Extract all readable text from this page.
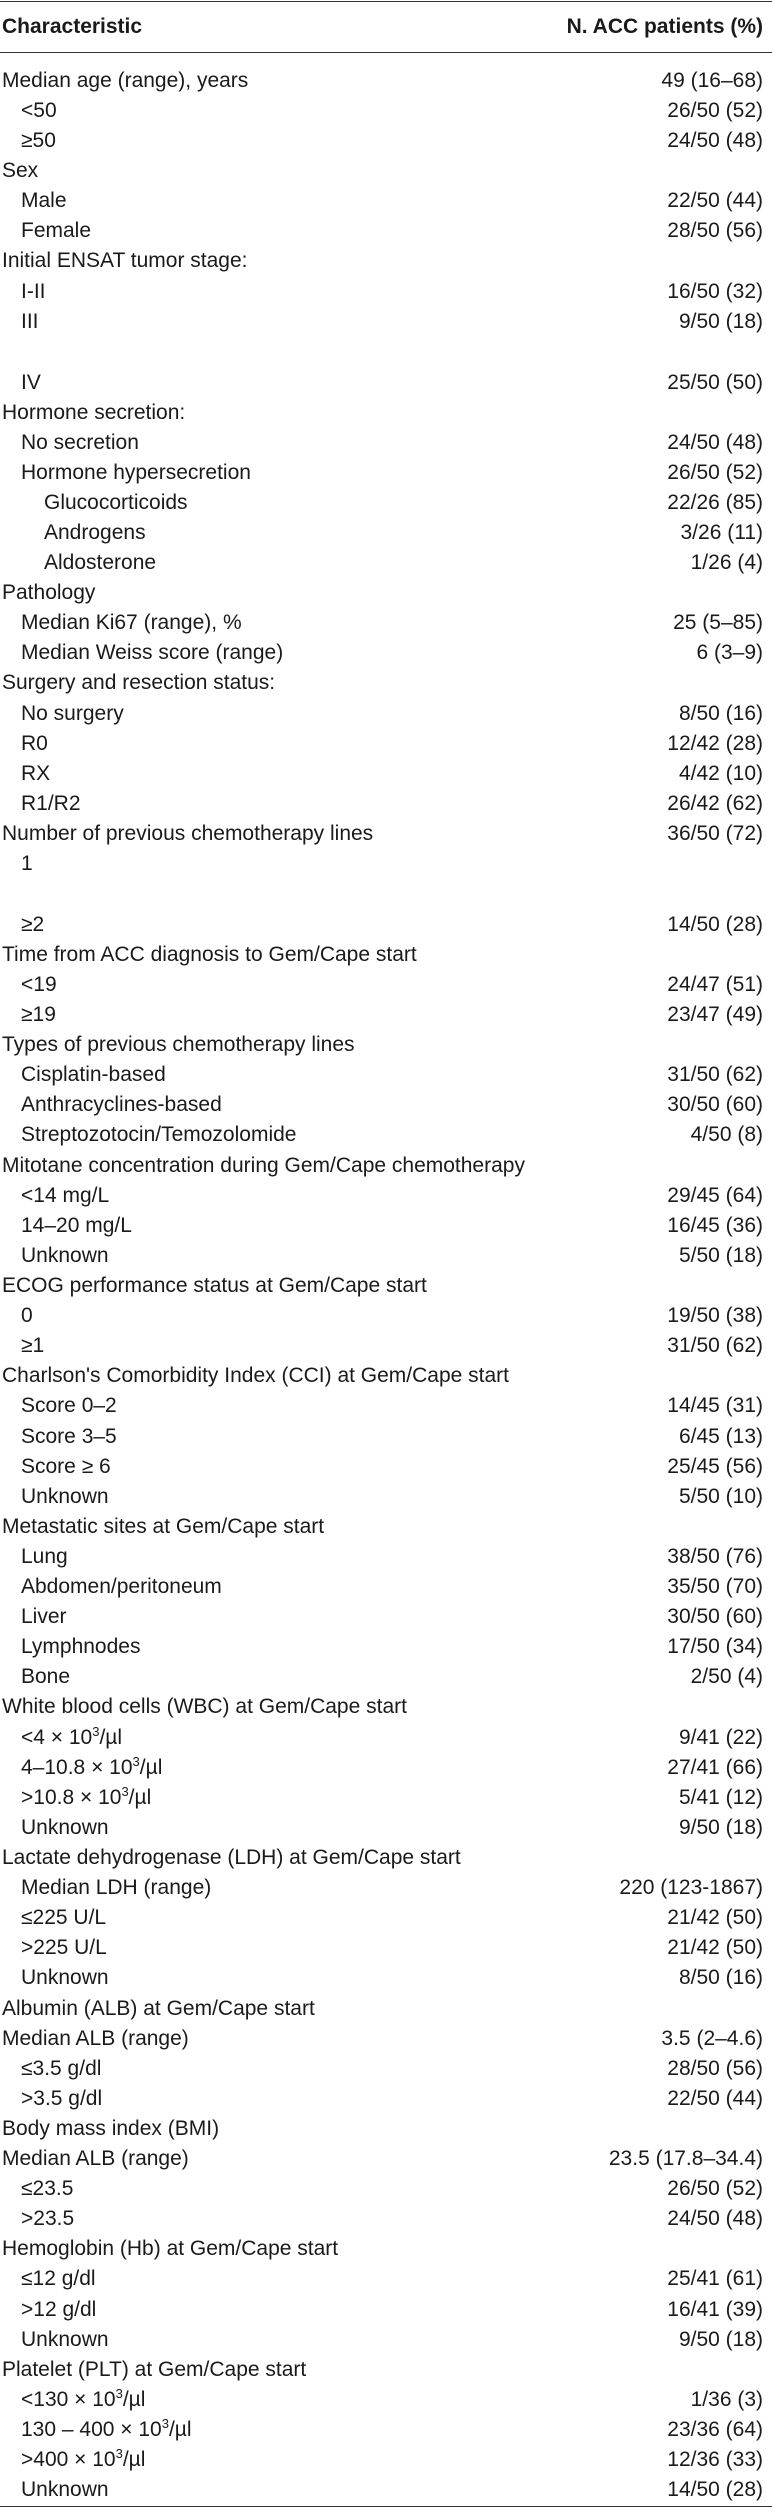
Characteristic	N. ACC patients (%)
Median age (range), years	49 (16–68)
<50	26/50 (52)
≥50	24/50 (48)
Sex
Male	22/50 (44)
Female	28/50 (56)
Initial ENSAT tumor stage:
I-II	16/50 (32)
III	9/50 (18)
IV	25/50 (50)
Hormone secretion:
No secretion	24/50 (48)
Hormone hypersecretion	26/50 (52)
Glucocorticoids	22/26 (85)
Androgens	3/26 (11)
Aldosterone	1/26 (4)
Pathology
Median Ki67 (range), %	25 (5–85)
Median Weiss score (range)	6 (3–9)
Surgery and resection status:
No surgery	8/50 (16)
R0	12/42 (28)
RX	4/42 (10)
R1/R2	26/42 (62)
Number of previous chemotherapy lines	36/50 (72)
1
≥2	14/50 (28)
Time from ACC diagnosis to Gem/Cape start
<19	24/47 (51)
≥19	23/47 (49)
Types of previous chemotherapy lines
Cisplatin-based	31/50 (62)
Anthracyclines-based	30/50 (60)
Streptozotocin/Temozolomide	4/50 (8)
Mitotane concentration during Gem/Cape chemotherapy
<14 mg/L	29/45 (64)
14–20 mg/L	16/45 (36)
Unknown	5/50 (18)
ECOG performance status at Gem/Cape start
0	19/50 (38)
≥1	31/50 (62)
Charlson's Comorbidity Index (CCI) at Gem/Cape start
Score 0–2	14/45 (31)
Score 3–5	6/45 (13)
Score ≥ 6	25/45 (56)
Unknown	5/50 (10)
Metastatic sites at Gem/Cape start
Lung	38/50 (76)
Abdomen/peritoneum	35/50 (70)
Liver	30/50 (60)
Lymphnodes	17/50 (34)
Bone	2/50 (4)
White blood cells (WBC) at Gem/Cape start
$<4 \times 10^3/\mu l$	9/41 (22)
$4-10.8 \times 10^3/\mu l$	27/41 (66)
$>10.8 \times 10^3/\mu l$	5/41 (12)
Unknown	9/50 (18)
Lactate dehydrogenase (LDH) at Gem/Cape start
Median LDH (range)	220 (123-1867)
≤225 U/L	21/42 (50)
>225 U/L	21/42 (50)
Unknown	8/50 (16)
Albumin (ALB) at Gem/Cape start
Median ALB (range)	3.5 (2–4.6)
≤3.5 g/dl	28/50 (56)
>3.5 g/dl	22/50 (44)
Body mass index (BMI)
Median ALB (range)	23.5 (17.8–34.4)
≤23.5	26/50 (52)
>23.5	24/50 (48)
Hemoglobin (Hb) at Gem/Cape start
≤12 g/dl	25/41 (61)
>12 g/dl	16/41 (39)
Unknown	9/50 (18)
Platelet (PLT) at Gem/Cape start
$<130 \times 10^3/\mu l$	1/36 (3)
$130 - 400 \times 10^3/\mu l$	23/36 (64)
$>400 \times 10^3/\mu l$	12/36 (33)
Unknown	14/50 (28)
